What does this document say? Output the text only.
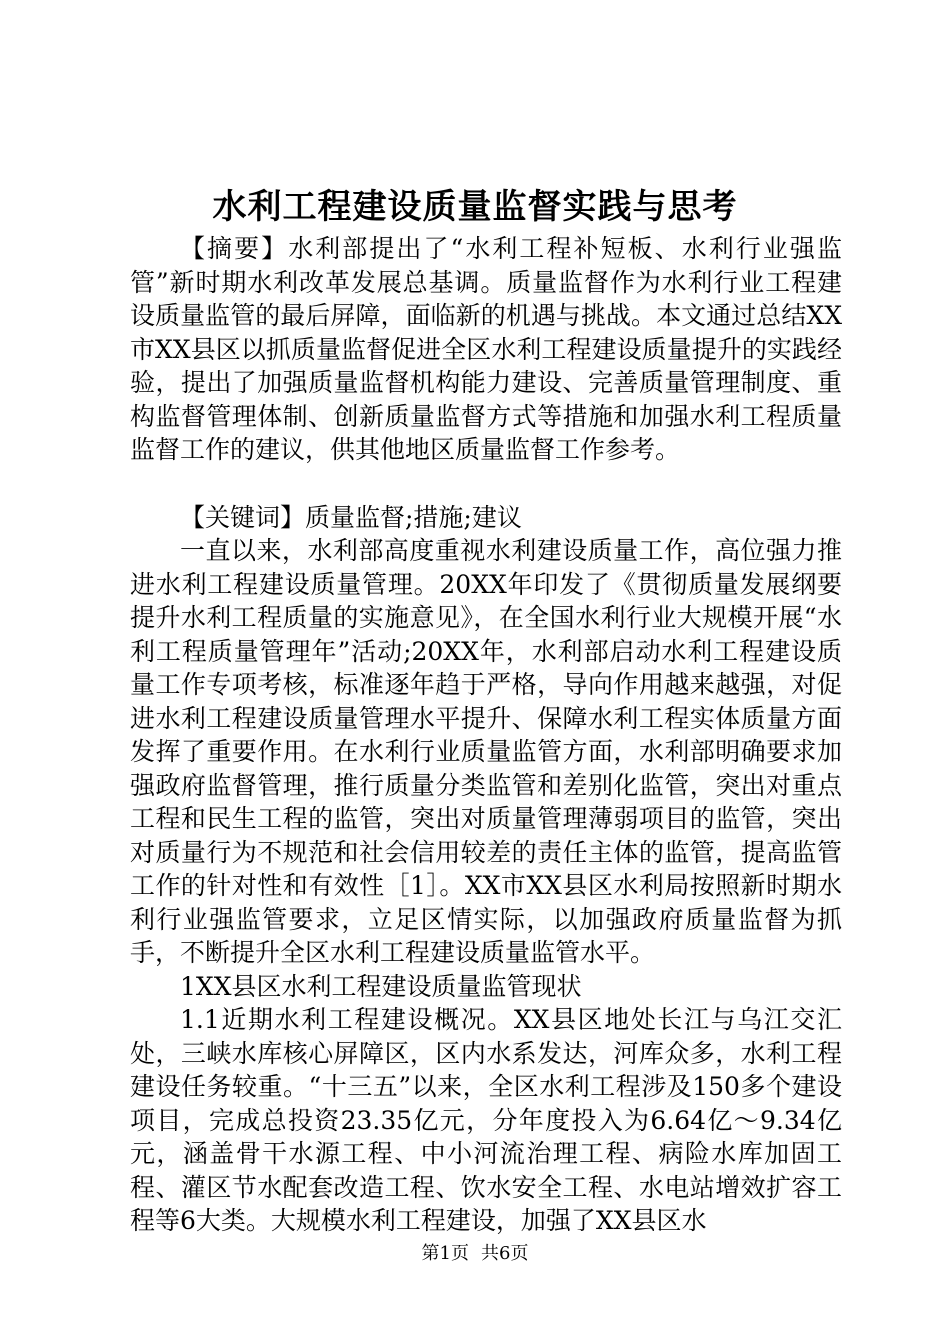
水利工程建设质量监督实践与思考

【摘要】水利部提出了“水利工程补短板、水利行业强监管”新时期水利改革发展总基调。质量监督作为水利行业工程建设质量监管的最后屏障，面临新的机遇与挑战。本文通过总结XX市XX县区以抓质量监督促进全区水利工程建设质量提升的实践经验，提出了加强质量监督机构能力建设、完善质量管理制度、重构监督管理体制、创新质量监督方式等措施和加强水利工程质量监督工作的建议，供其他地区质量监督工作参考。

【关键词】质量监督;措施;建议

一直以来，水利部高度重视水利建设质量工作，高位强力推进水利工程建设质量管理。20XX年印发了《贯彻质量发展纲要提升水利工程质量的实施意见》，在全国水利行业大规模开展“水利工程质量管理年”活动;20XX年，水利部启动水利工程建设质量工作专项考核，标准逐年趋于严格，导向作用越来越强，对促进水利工程建设质量管理水平提升、保障水利工程实体质量方面发挥了重要作用。在水利行业质量监管方面，水利部明确要求加强政府监督管理，推行质量分类监管和差别化监管，突出对重点工程和民生工程的监管，突出对质量管理薄弱项目的监管，突出对质量行为不规范和社会信用较差的责任主体的监管，提高监管工作的针对性和有效性［1］。XX市XX县区水利局按照新时期水利行业强监管要求，立足区情实际，以加强政府质量监督为抓手，不断提升全区水利工程建设质量监管水平。

1XX县区水利工程建设质量监管现状

1.1近期水利工程建设概况。XX县区地处长江与乌江交汇处，三峡水库核心屏障区，区内水系发达，河库众多，水利工程建设任务较重。“十三五”以来，全区水利工程涉及150多个建设项目，完成总投资23.35亿元，分年度投入为6.64亿～9.34亿元，涵盖骨干水源工程、中小河流治理工程、病险水库加固工程、灌区节水配套改造工程、饮水安全工程、水电站增效扩容工程等6大类。大规模水利工程建设，加强了XX县区水

第1页 共6页
